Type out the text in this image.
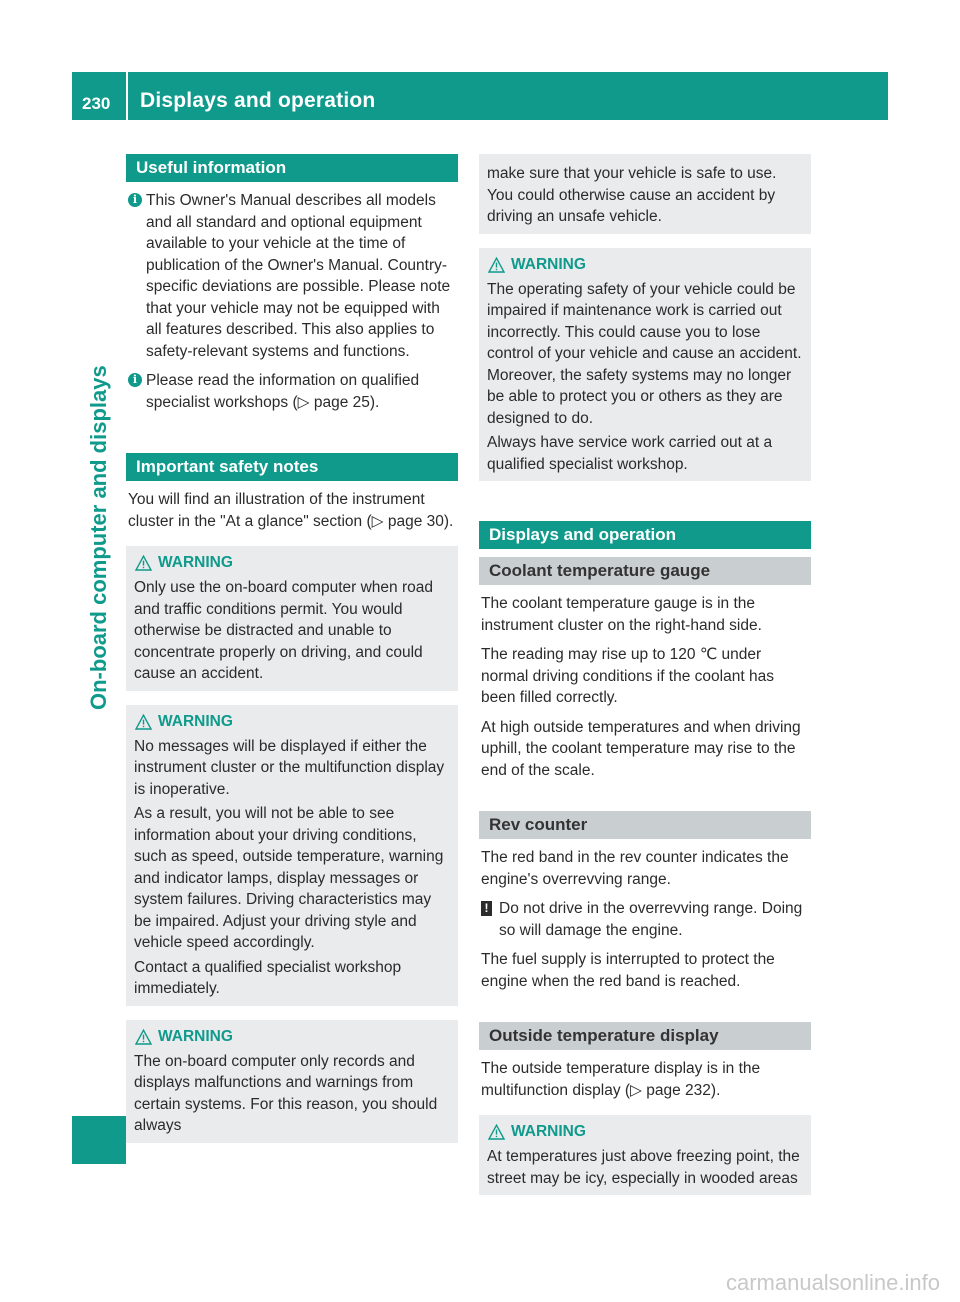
230 Displays and operation
On-board computer and displays
Useful information
i This Owner's Manual describes all models and all standard and optional equipment available to your vehicle at the time of publication of the Owner's Manual. Country-specific deviations are possible. Please note that your vehicle may not be equipped with all features described. This also applies to safety-relevant systems and functions.
i Please read the information on qualified specialist workshops (▷ page 25).
Important safety notes
You will find an illustration of the instrument cluster in the "At a glance" section (▷ page 30).
WARNING
Only use the on-board computer when road and traffic conditions permit. You would otherwise be distracted and unable to concentrate properly on driving, and could cause an accident.
WARNING
No messages will be displayed if either the instrument cluster or the multifunction display is inoperative.
As a result, you will not be able to see information about your driving conditions, such as speed, outside temperature, warning and indicator lamps, display messages or system failures. Driving characteristics may be impaired. Adjust your driving style and vehicle speed accordingly.
Contact a qualified specialist workshop immediately.
WARNING
The on-board computer only records and displays malfunctions and warnings from certain systems. For this reason, you should always
make sure that your vehicle is safe to use. You could otherwise cause an accident by driving an unsafe vehicle.
WARNING
The operating safety of your vehicle could be impaired if maintenance work is carried out incorrectly. This could cause you to lose control of your vehicle and cause an accident. Moreover, the safety systems may no longer be able to protect you or others as they are designed to do.
Always have service work carried out at a qualified specialist workshop.
Displays and operation
Coolant temperature gauge
The coolant temperature gauge is in the instrument cluster on the right-hand side.
The reading may rise up to 120 ℃ under normal driving conditions if the coolant has been filled correctly.
At high outside temperatures and when driving uphill, the coolant temperature may rise to the end of the scale.
Rev counter
The red band in the rev counter indicates the engine's overrevving range.
! Do not drive in the overrevving range. Doing so will damage the engine.
The fuel supply is interrupted to protect the engine when the red band is reached.
Outside temperature display
The outside temperature display is in the multifunction display (▷ page 232).
WARNING
At temperatures just above freezing point, the street may be icy, especially in wooded areas
carmanualsonline.info
